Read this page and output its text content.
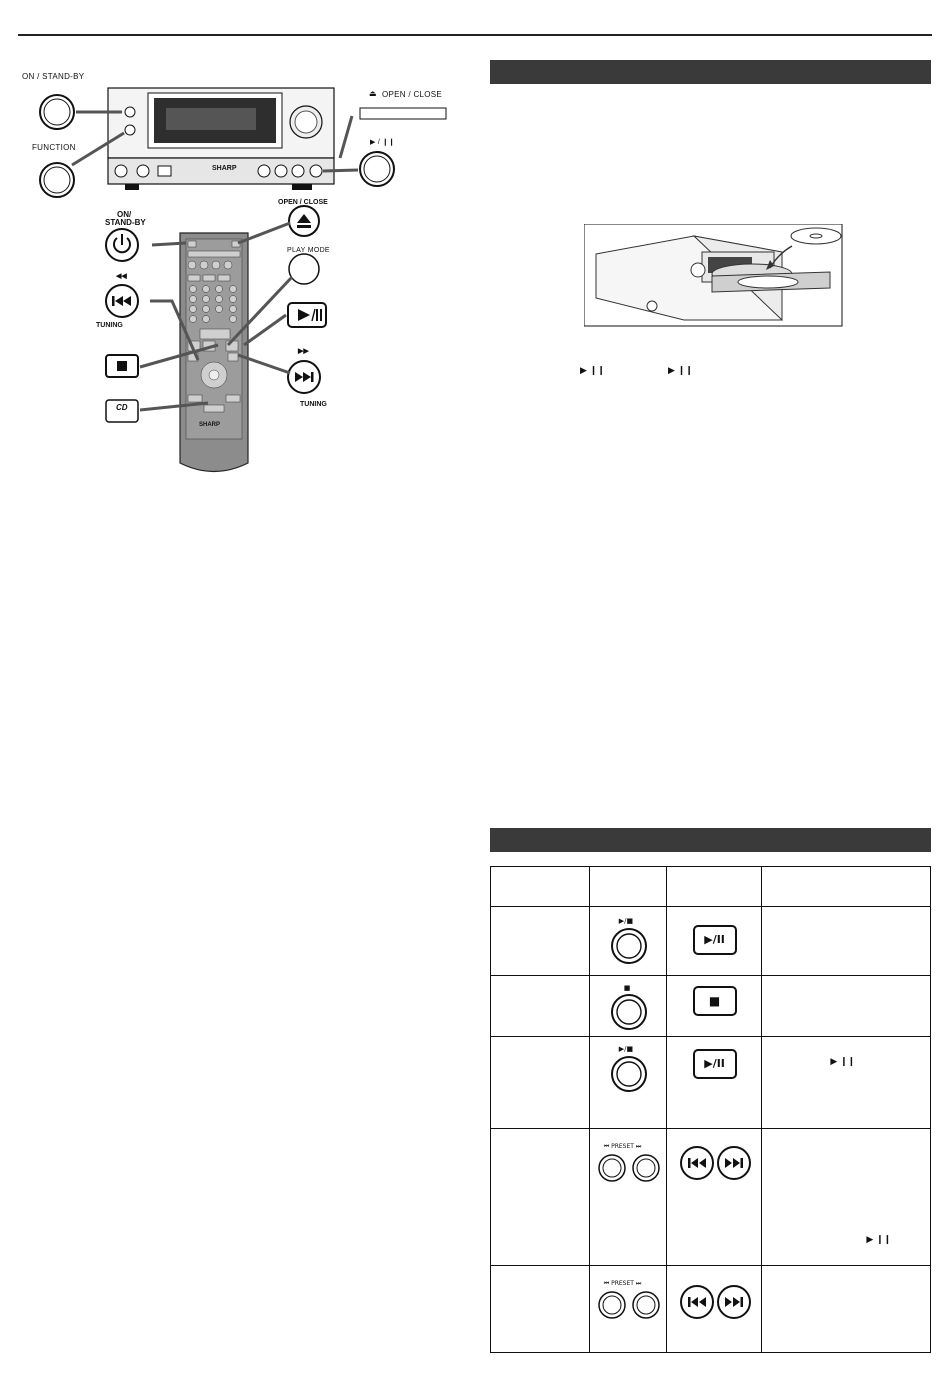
ON / STAND-BY
FUNCTION
OPEN / CLOSE
⏏
▶ / ❙❙
SHARP
SHARP
CD
ON/
STAND-BY
OPEN / CLOSE
PLAY MODE
◀◀
TUNING
▶▶
TUNING
▶ ❙❙	▶ ❙❙

	▶/■	▶/II	

	■	■	

	▶/■	▶/II	▶ ❙❙

	⏮ PRESET ⏭		▶ ❙❙

	⏮ PRESET ⏭
